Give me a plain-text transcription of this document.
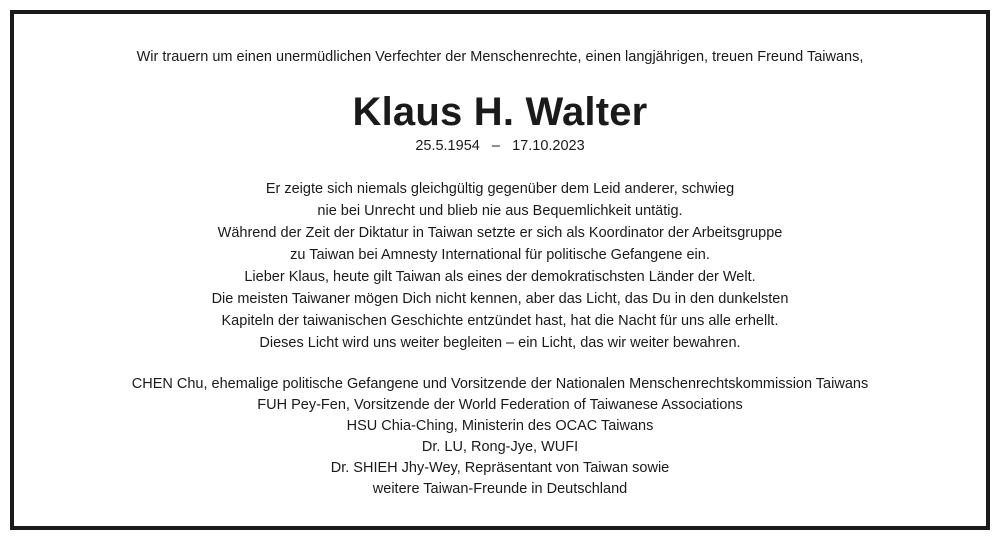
Wir trauern um einen unermüdlichen Verfechter der Menschenrechte, einen langjährigen, treuen Freund Taiwans,

Klaus H. Walter

25.5.1954 – 17.10.2023

Er zeigte sich niemals gleichgültig gegenüber dem Leid anderer, schwieg
nie bei Unrecht und blieb nie aus Bequemlichkeit untätig.
Während der Zeit der Diktatur in Taiwan setzte er sich als Koordinator der Arbeitsgruppe
zu Taiwan bei Amnesty International für politische Gefangene ein.
Lieber Klaus, heute gilt Taiwan als eines der demokratischsten Länder der Welt.
Die meisten Taiwaner mögen Dich nicht kennen, aber das Licht, das Du in den dunkelsten
Kapiteln der taiwanischen Geschichte entzündet hast, hat die Nacht für uns alle erhellt.
Dieses Licht wird uns weiter begleiten – ein Licht, das wir weiter bewahren.
CHEN Chu, ehemalige politische Gefangene und Vorsitzende der Nationalen Menschenrechtskommission Taiwans
FUH Pey-Fen, Vorsitzende der World Federation of Taiwanese Associations
HSU Chia-Ching, Ministerin des OCAC Taiwans
Dr. LU, Rong-Jye, WUFI
Dr. SHIEH Jhy-Wey, Repräsentant von Taiwan sowie
weitere Taiwan-Freunde in Deutschland
